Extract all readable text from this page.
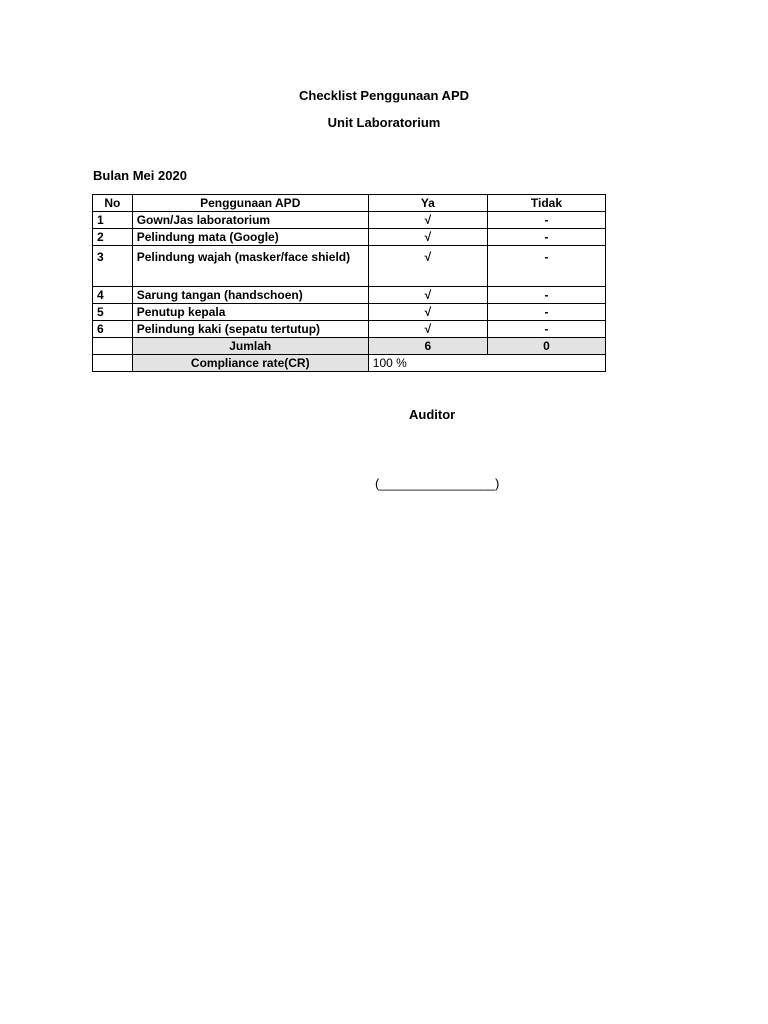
Checklist Penggunaan APD
Unit Laboratorium
Bulan Mei 2020
No	Penggunaan APD	Ya	Tidak
1	Gown/Jas laboratorium	√	-
2	Pelindung mata (Google)	√	-
3	Pelindung wajah (masker/face shield)	√	-
4	Sarung tangan (handschoen)	√	-
5	Penutup kepala	√	-
6	Pelindung kaki (sepatu tertutup)	√	-
	Jumlah	6	0
	Compliance rate(CR)	100 %	
Auditor
(________________)
